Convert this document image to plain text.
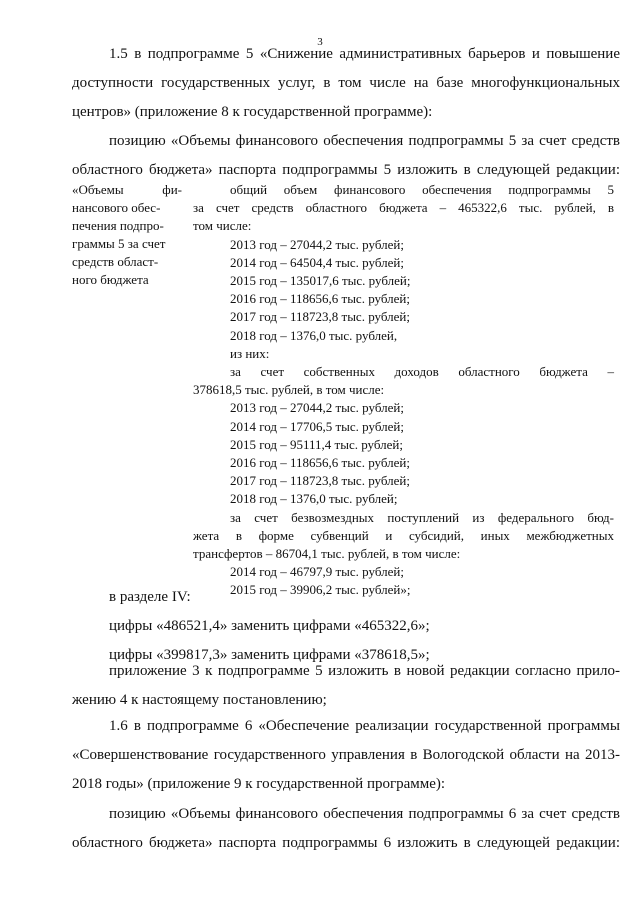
3
1.5 в подпрограмме 5 «Снижение административных барьеров и повышение
доступности государственных услуг, в том числе на базе многофункциональных
центров» (приложение 8 к государственной программе):
позицию «Объемы финансового обеспечения подпрограммы 5 за счет средств
областного бюджета» паспорта подпрограммы 5 изложить в следующей редакции:
«Объемы фи-
нансового обес-
печения подпро-
граммы 5 за счет
средств област-
ного бюджета
общий объем финансового обеспечения подпрограммы 5
за счет средств областного бюджета – 465322,6 тыс. рублей, в
том числе:
2013 год – 27044,2 тыс. рублей;
2014 год – 64504,4 тыс. рублей;
2015 год – 135017,6 тыс. рублей;
2016 год – 118656,6 тыс. рублей;
2017 год – 118723,8 тыс. рублей;
2018 год – 1376,0 тыс. рублей,
из них:
за счет собственных доходов областного бюджета –
378618,5 тыс. рублей, в том числе:
2013 год – 27044,2 тыс. рублей;
2014 год – 17706,5 тыс. рублей;
2015 год – 95111,4 тыс. рублей;
2016 год – 118656,6 тыс. рублей;
2017 год – 118723,8 тыс. рублей;
2018 год – 1376,0 тыс. рублей;
за счет безвозмездных поступлений из федерального бюд-
жета в форме субвенций и субсидий, иных межбюджетных
трансфертов – 86704,1 тыс. рублей, в том числе:
2014 год – 46797,9 тыс. рублей;
2015 год – 39906,2 тыс. рублей»;
в разделе IV:
цифры «486521,4» заменить цифрами «465322,6»;
цифры «399817,3» заменить цифрами «378618,5»;
приложение 3 к подпрограмме 5 изложить в новой редакции согласно прило-
жению 4 к настоящему постановлению;
1.6 в подпрограмме 6 «Обеспечение реализации государственной программы
«Совершенствование государственного управления в Вологодской области на 2013-
2018 годы» (приложение 9 к государственной программе):
позицию «Объемы финансового обеспечения подпрограммы 6 за счет средств
областного бюджета» паспорта подпрограммы 6 изложить в следующей редакции:
